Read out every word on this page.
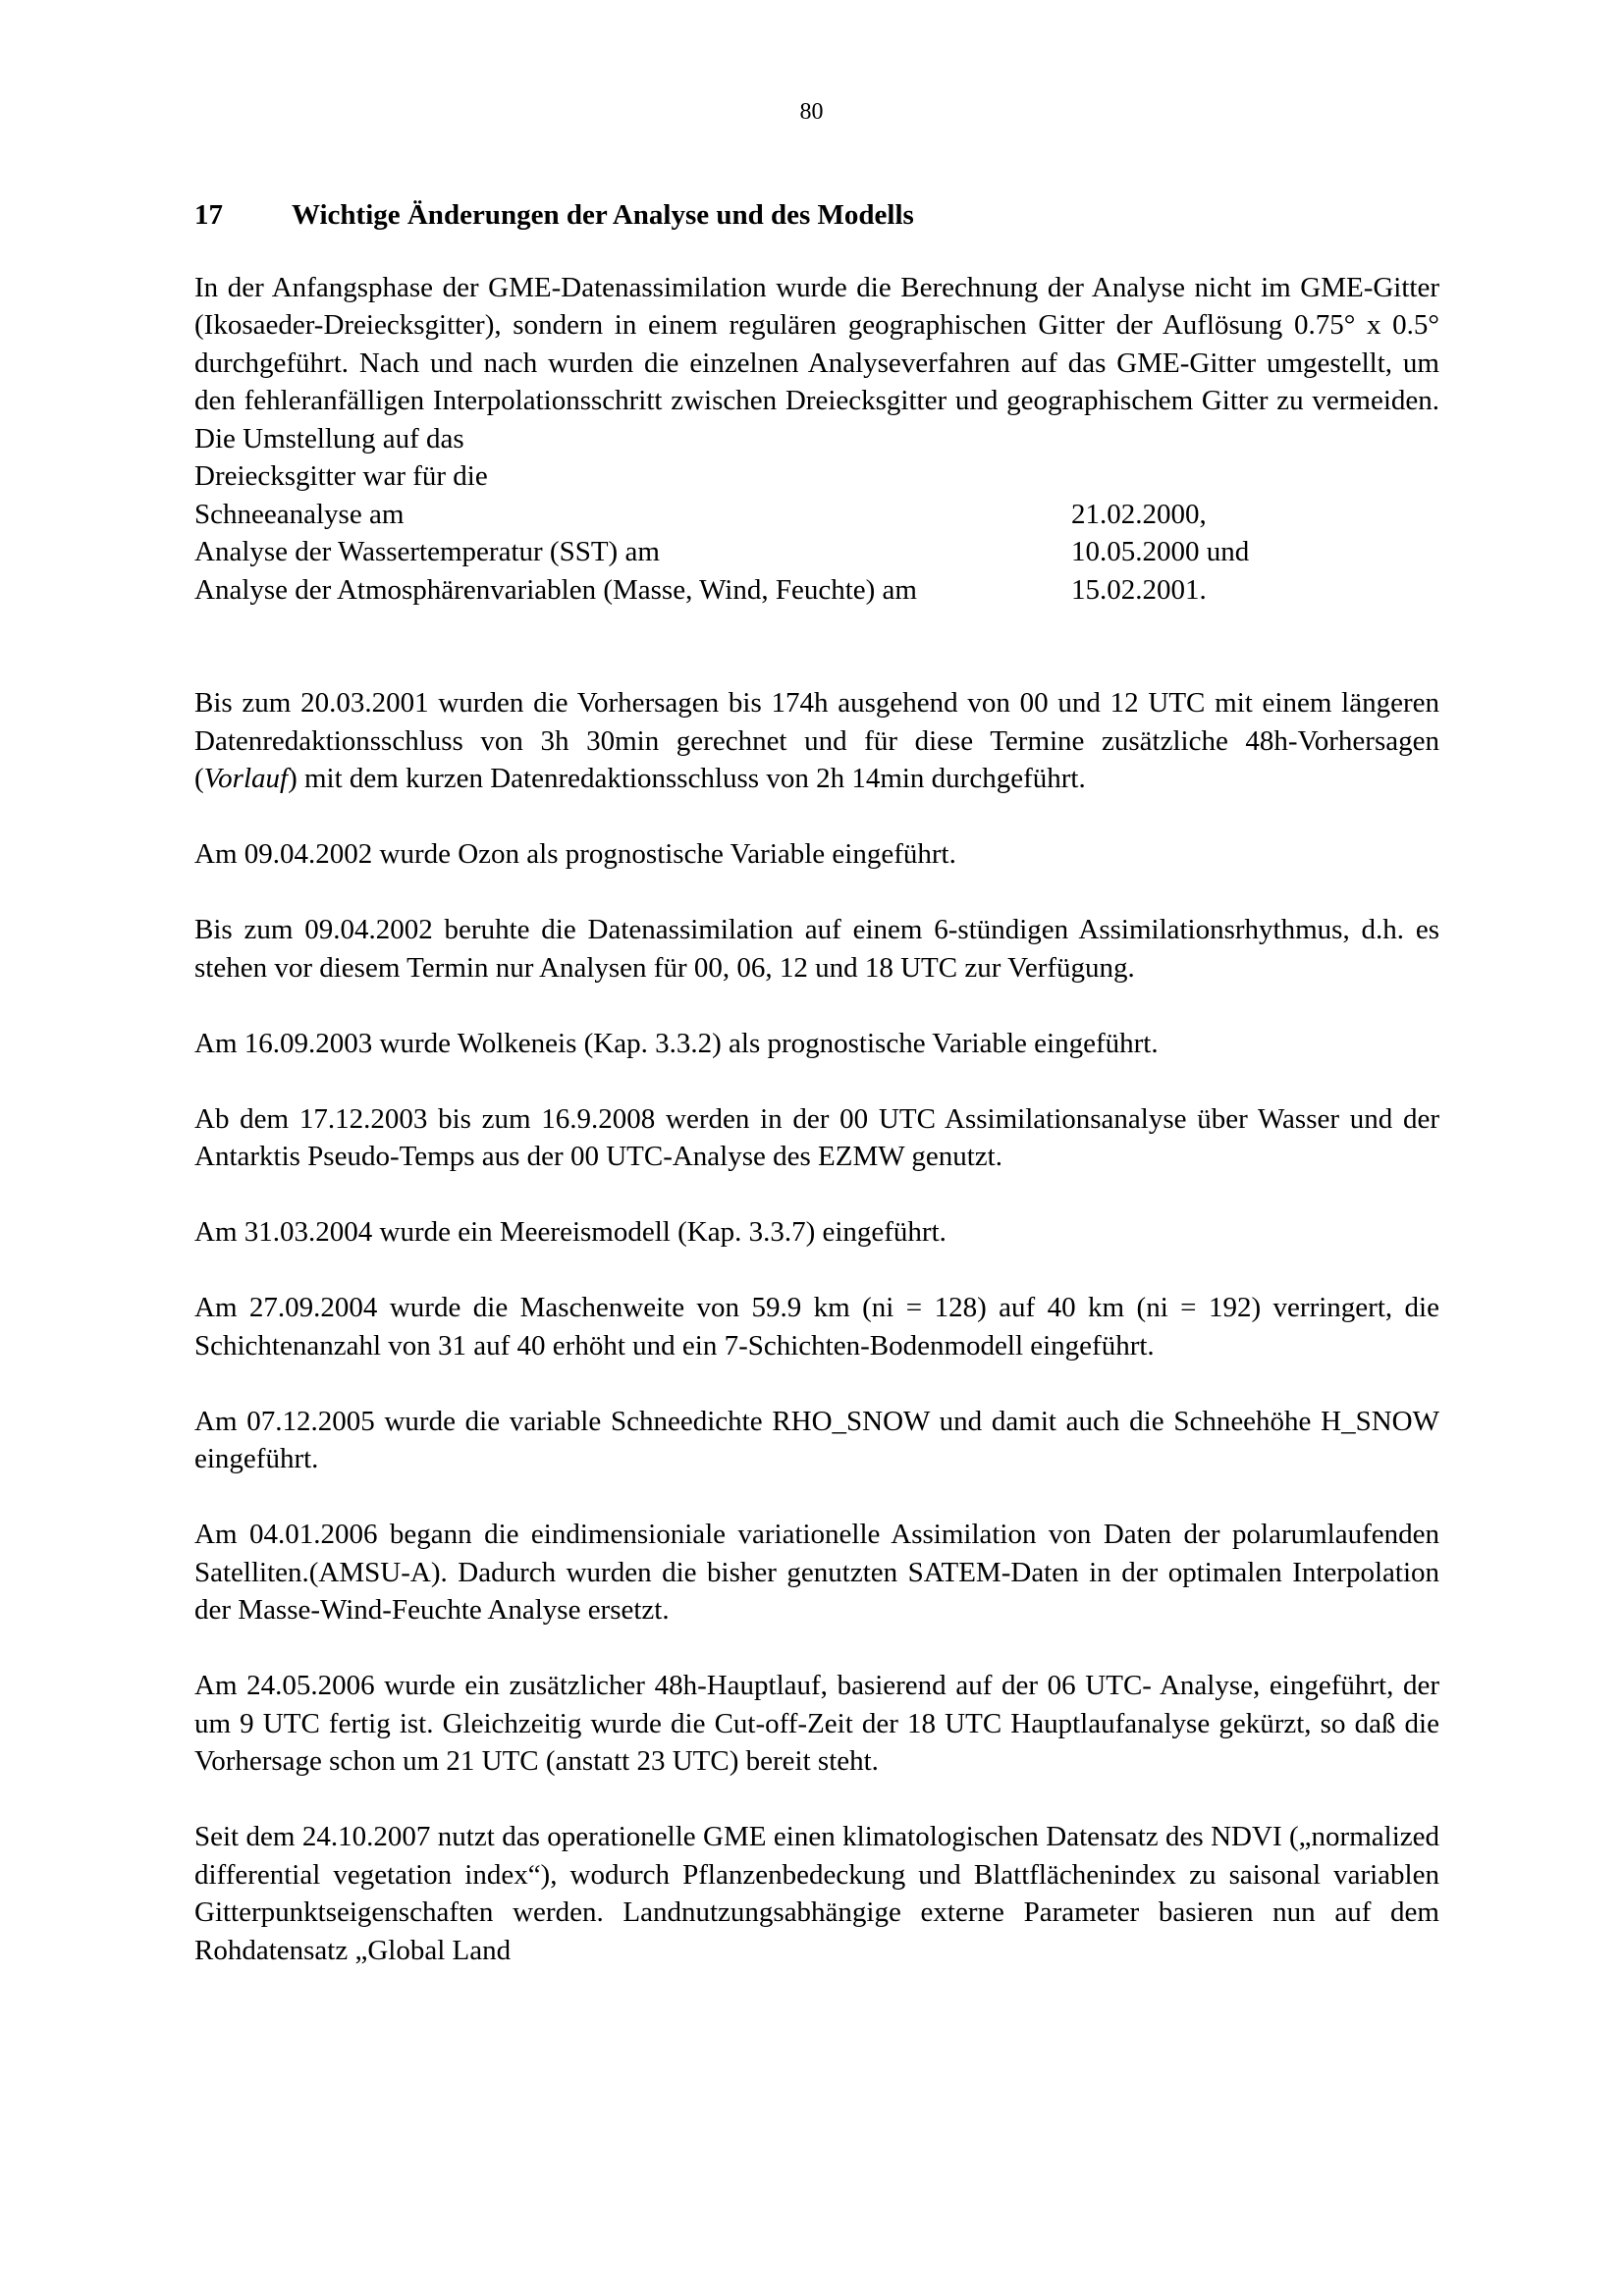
80
17	Wichtige Änderungen der Analyse und des Modells

In der Anfangsphase der GME-Datenassimilation wurde die Berechnung der Analyse nicht im GME-Gitter (Ikosaeder-Dreiecksgitter), sondern in einem regulären geographischen Gitter der Auflösung 0.75° x 0.5° durchgeführt. Nach und nach wurden die einzelnen Analyseverfahren auf das GME-Gitter umgestellt, um den fehleranfälligen Interpolationsschritt zwischen Dreiecksgitter und geographischem Gitter zu vermeiden. Die Umstellung auf das

Dreiecksgitter war für die
Schneeanalyse am	21.02.2000,
Analyse der Wassertemperatur (SST) am	10.05.2000 und
Analyse der Atmosphärenvariablen (Masse, Wind, Feuchte) am	15.02.2001.

Bis zum 20.03.2001 wurden die Vorhersagen bis 174h ausgehend von 00 und 12 UTC mit einem längeren Datenredaktionsschluss von 3h 30min gerechnet und für diese Termine zusätzliche 48h-Vorhersagen (Vorlauf) mit dem kurzen Datenredaktionsschluss von 2h 14min durchgeführt.

Am 09.04.2002 wurde Ozon als prognostische Variable eingeführt.

Bis zum 09.04.2002 beruhte die Datenassimilation auf einem 6-stündigen Assimilationsrhythmus, d.h. es stehen vor diesem Termin nur Analysen für 00, 06, 12 und 18 UTC zur Verfügung.

Am 16.09.2003 wurde Wolkeneis (Kap. 3.3.2) als prognostische Variable eingeführt.

Ab dem 17.12.2003 bis zum 16.9.2008 werden in der 00 UTC Assimilationsanalyse über Wasser und der Antarktis Pseudo-Temps aus der 00 UTC-Analyse des EZMW genutzt.

Am 31.03.2004 wurde ein Meereismodell (Kap. 3.3.7) eingeführt.

Am 27.09.2004 wurde die Maschenweite von 59.9 km (ni = 128) auf 40 km (ni = 192) verringert, die Schichtenanzahl von 31 auf 40 erhöht und ein 7-Schichten-Bodenmodell eingeführt.

Am 07.12.2005 wurde die variable Schneedichte RHO_SNOW und damit auch die Schneehöhe H_SNOW eingeführt.

Am 04.01.2006 begann die eindimensioniale variationelle Assimilation von Daten der polarumlaufenden Satelliten.(AMSU-A). Dadurch wurden die bisher genutzten SATEM-Daten in der optimalen Interpolation der Masse-Wind-Feuchte Analyse ersetzt.

Am 24.05.2006 wurde ein zusätzlicher 48h-Hauptlauf, basierend auf der 06 UTC- Analyse, eingeführt, der um 9 UTC fertig ist. Gleichzeitig wurde die Cut-off-Zeit der 18 UTC Hauptlaufanalyse gekürzt, so daß die Vorhersage schon um 21 UTC (anstatt 23 UTC) bereit steht.

Seit dem 24.10.2007 nutzt das operationelle GME einen klimatologischen Datensatz des NDVI („normalized differential vegetation index“), wodurch Pflanzenbedeckung und Blattflächenindex zu saisonal variablen Gitterpunktseigenschaften werden. Landnutzungsabhängige externe Parameter basieren nun auf dem Rohdatensatz „Global Land
